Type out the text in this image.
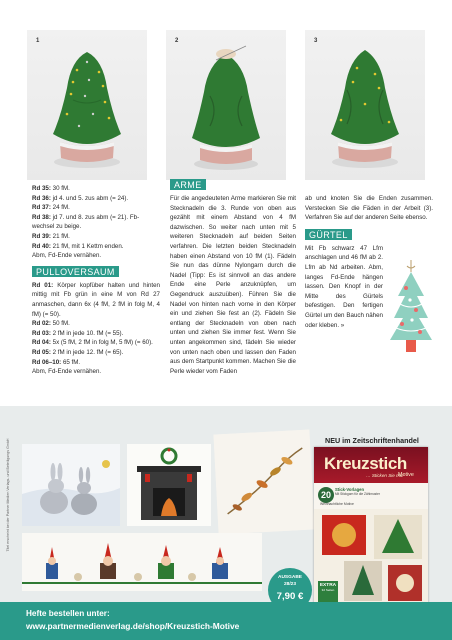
1	2	3

Rd 35: 30 fM.

Rd 36: jd 4. und 5. zus abm (= 24).

Rd 37: 24 fM.

Rd 38: jd 7. und 8. zus abm (= 21). Fb-wechsel zu beige.

Rd 39: 21 fM.

Rd 40: 21 fM, mit 1 Kettm enden.

Abm, Fd-Ende vernähen.

PULLOVERSAUM

Rd 01: Körper kopfüber halten und hinten mittig mit Fb grün in eine M von Rd 27 anmaschen, dann 6x (4 fM, 2 fM in folg M, 4 fM) (= 50).

Rd 02: 50 fM.

Rd 03: 2 fM in jede 10. fM (= 55).

Rd 04: 5x (5 fM, 2 fM in folg M, 5 fM) (= 60).

Rd 05: 2 fM in jede 12. fM (= 65).

Rd 06–10: 65 fM.

Abm, Fd-Ende vernähen.

ARME

Für die angedeuteten Arme markieren Sie mit Stecknadeln die 3. Runde von oben aus gezählt mit einem Abstand von 4 fM dazwischen. So weiter nach unten mit 5 weiteren Stecknadeln auf beiden Seiten verfahren. Die letzten beiden Stecknadeln haben einen Abstand von 10 fM (1). Fädeln Sie nun das dünne Nylongarn durch die Nadel (Tipp: Es ist sinnvoll an das andere Ende eine Perle anzuknüpfen, um Gegendruck auszuüben). Führen Sie die Nadel von hinten nach vorne in den Körper ein und ziehen Sie fest an (2). Fädeln Sie entlang der Stecknadeln von oben nach unten und ziehen Sie immer fest. Wenn Sie unten angekommen sind, fädeln Sie wieder von unten nach oben und lassen den Faden aus dem Startpunkt kommen. Machen Sie die Perle wieder vom Faden

ab und knoten Sie die Enden zusammen. Verstecken Sie die Fäden in der Arbeit (3). Verfahren Sie auf der anderen Seite ebenso.

GÜRTEL

Mit Fb schwarz 47 Lfm anschlagen und 46 fM ab 2. Lfm ab Nd arbeiten. Abm, langes Fd-Ende hängen lassen. Den Knopf in der Mitte des Gürtels befestigen. Den fertigen Gürtel um den Bauch nähen oder kleben. »

Titel erscheint bei der Partner Medien Verlags- und Beteiligungs GmbH	NEU im Zeitschriftenhandel
Kreuzstich
… Sticken Sie mit!
Motive
20
Stick-Vorlagen
Mit Stickgarn für die Zählmuster
Weihnachtliche Motive
EXTRA
32 Seiten
AUSGABE
28/23
7,90 €
Hefte bestellen unter:
www.partnermedienverlag.de/shop/Kreuzstich-Motive
